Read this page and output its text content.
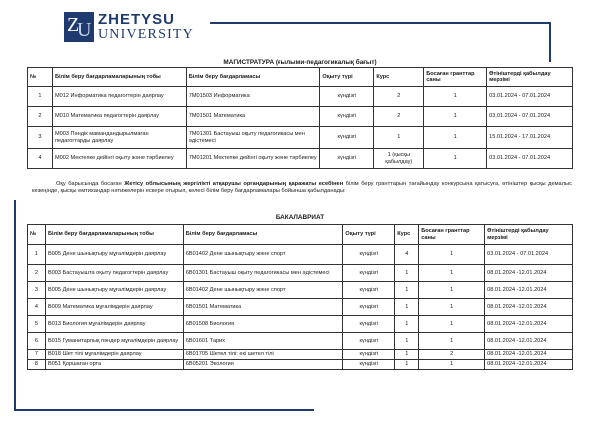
Z
U ZHETYSU
UNIVERSITY
МАГИСТРАТУРА (ғылыми-педагогикалық бағыт)
№	Білім беру бағдарламаларының тобы	Білім беру бағдарламасы	Оқыту түрі	Курс	Босаған гранттар саны	Өтініштерді қабылдау мерзімі
1	М012 Информатика педагогтерін даярлау	7М01503 Информатика	күндізгі	2	1	03.01.2024 - 07.01.2024
2	М010 Математика педагогтерін даярлау	7М01501 Математика	күндізгі	2	1	03.01.2024 - 07.01.2024
3	М003 Пәндік мамандандырылмаған педагогтарды даярлау	7М01301 Бастауыш оқыту педагогикасы мен әдістемесі	күндізгі	1	1	15.01.2024 - 17.01.2024
4	М002 Мектепке дейінгі оқыту және тәрбиелеу	7М01201 Мектепке дейінгі оқыту және тәрбиелеу	күндізгі	1 (қысқы қабылдау)	1	03.01.2024 - 07.01.2024
Оқу барысында босаған Жетісу облысының жергілікті атқарушы органдарының қаражаты есебінен білім беру гранттарын тағайындау конкурсына қатысуға, өтініштер қысқы демалыс кезеңінде, қысқы емтихандар нәтижелерін ескере отырып, келесі білім беру бағдарламалары бойынша қабылданады:
БАКАЛАВРИАТ
№	Білім беру бағдарламаларының тобы	Білім беру бағдарламасы	Оқыту түрі	Курс	Босаған гранттар саны	Өтініштерді қабылдау мерзімі
1	В005 Дене шынықтыру мұғалімдерін даярлау	6В01402 Дене шынықтыру және спорт	күндізгі	4	1	03.01.2024 - 07.01.2024
2	В003 Бастауышта оқыту педагогтерін даярлау	6В01301 Бастауыш оқыту педагогикасы мен әдістемесі	күндізгі	1	1	08.01.2024 -12.01.2024
3	В005 Дене шынықтыру мұғалімдерін даярлау	6В01402 Дене шынықтыру және спорт	күндізгі	1	1	08.01.2024 -12.01.2024
4	В009 Математика мұғалімдерін даярлау	6В01501 Математика	күндізгі	1	1	08.01.2024 -12.01.2024
5	В013 Биология мұғалімдерін даярлау	6В01508 Биология	күндізгі	1	1	08.01.2024 -12.01.2024
6	В015 Гуманитарлық пәндер мұғалімдерін даярлау	6В01601 Тарих	күндізгі	1	1	08.01.2024 -12.01.2024
7	В018 Шет тілі мұғалімдерін даярлау	6В01705 Шетел тілі: екі шетел тілі	күндізгі	1	2	08.01.2024 -12.01.2024
8	В051 Қоршаған орта	6В05201 Экология	күндізгі	1	1	08.01.2024 -12.01.2024
